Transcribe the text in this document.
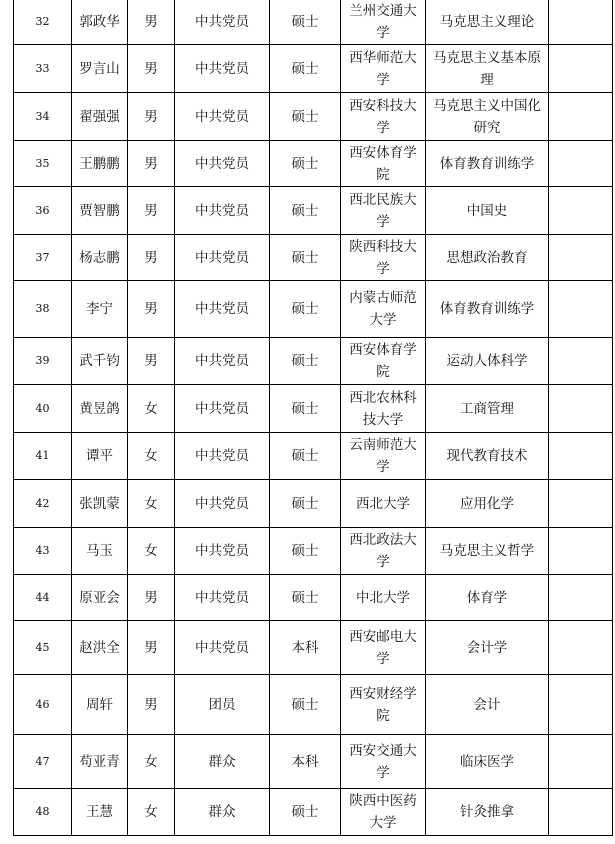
32	郭政华	男	中共党员	硕士	兰州交通大学	马克思主义理论	
33	罗言山	男	中共党员	硕士	西华师范大学	马克思主义基本原理	
34	翟强强	男	中共党员	硕士	西安科技大学	马克思主义中国化研究	
35	王鹏鹏	男	中共党员	硕士	西安体育学院	体育教育训练学	
36	贾智鹏	男	中共党员	硕士	西北民族大学	中国史	
37	杨志鹏	男	中共党员	硕士	陕西科技大学	思想政治教育	
38	李宁	男	中共党员	硕士	内蒙古师范大学	体育教育训练学	
39	武千钧	男	中共党员	硕士	西安体育学院	运动人体科学	
40	黄昱鸽	女	中共党员	硕士	西北农林科技大学	工商管理	
41	谭平	女	中共党员	硕士	云南师范大学	现代教育技术	
42	张凯蒙	女	中共党员	硕士	西北大学	应用化学	
43	马玉	女	中共党员	硕士	西北政法大学	马克思主义哲学	
44	原亚会	男	中共党员	硕士	中北大学	体育学	
45	赵洪全	男	中共党员	本科	西安邮电大学	会计学	
46	周轩	男	团员	硕士	西安财经学院	会计	
47	苟亚青	女	群众	本科	西安交通大学	临床医学	
48	王慧	女	群众	硕士	陕西中医药大学	针灸推拿	
